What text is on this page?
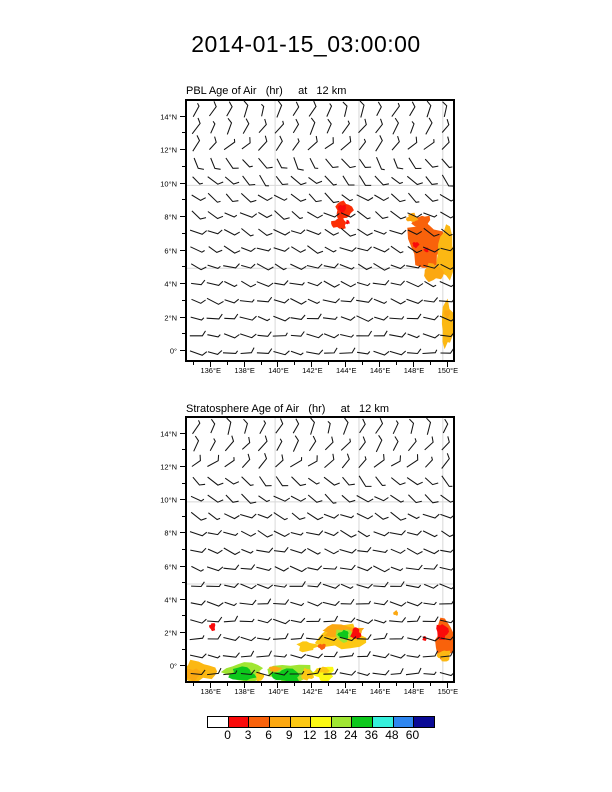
2014-01-15_03:00:00

PBL Age of Air   (hr)     at   12 km

136°E	138°E	140°E	142°E	144°E	146°E	148°E	150°E
14°N
12°N
10°N
8°N
6°N
4°N
2°N
0°

Stratosphere Age of Air   (hr)     at   12 km

136°E	138°E	140°E	142°E	144°E	146°E	148°E	150°E
14°N
12°N
10°N
8°N
6°N
4°N
2°N
0°
0 3 6 9 12 18 24 36 48 60
